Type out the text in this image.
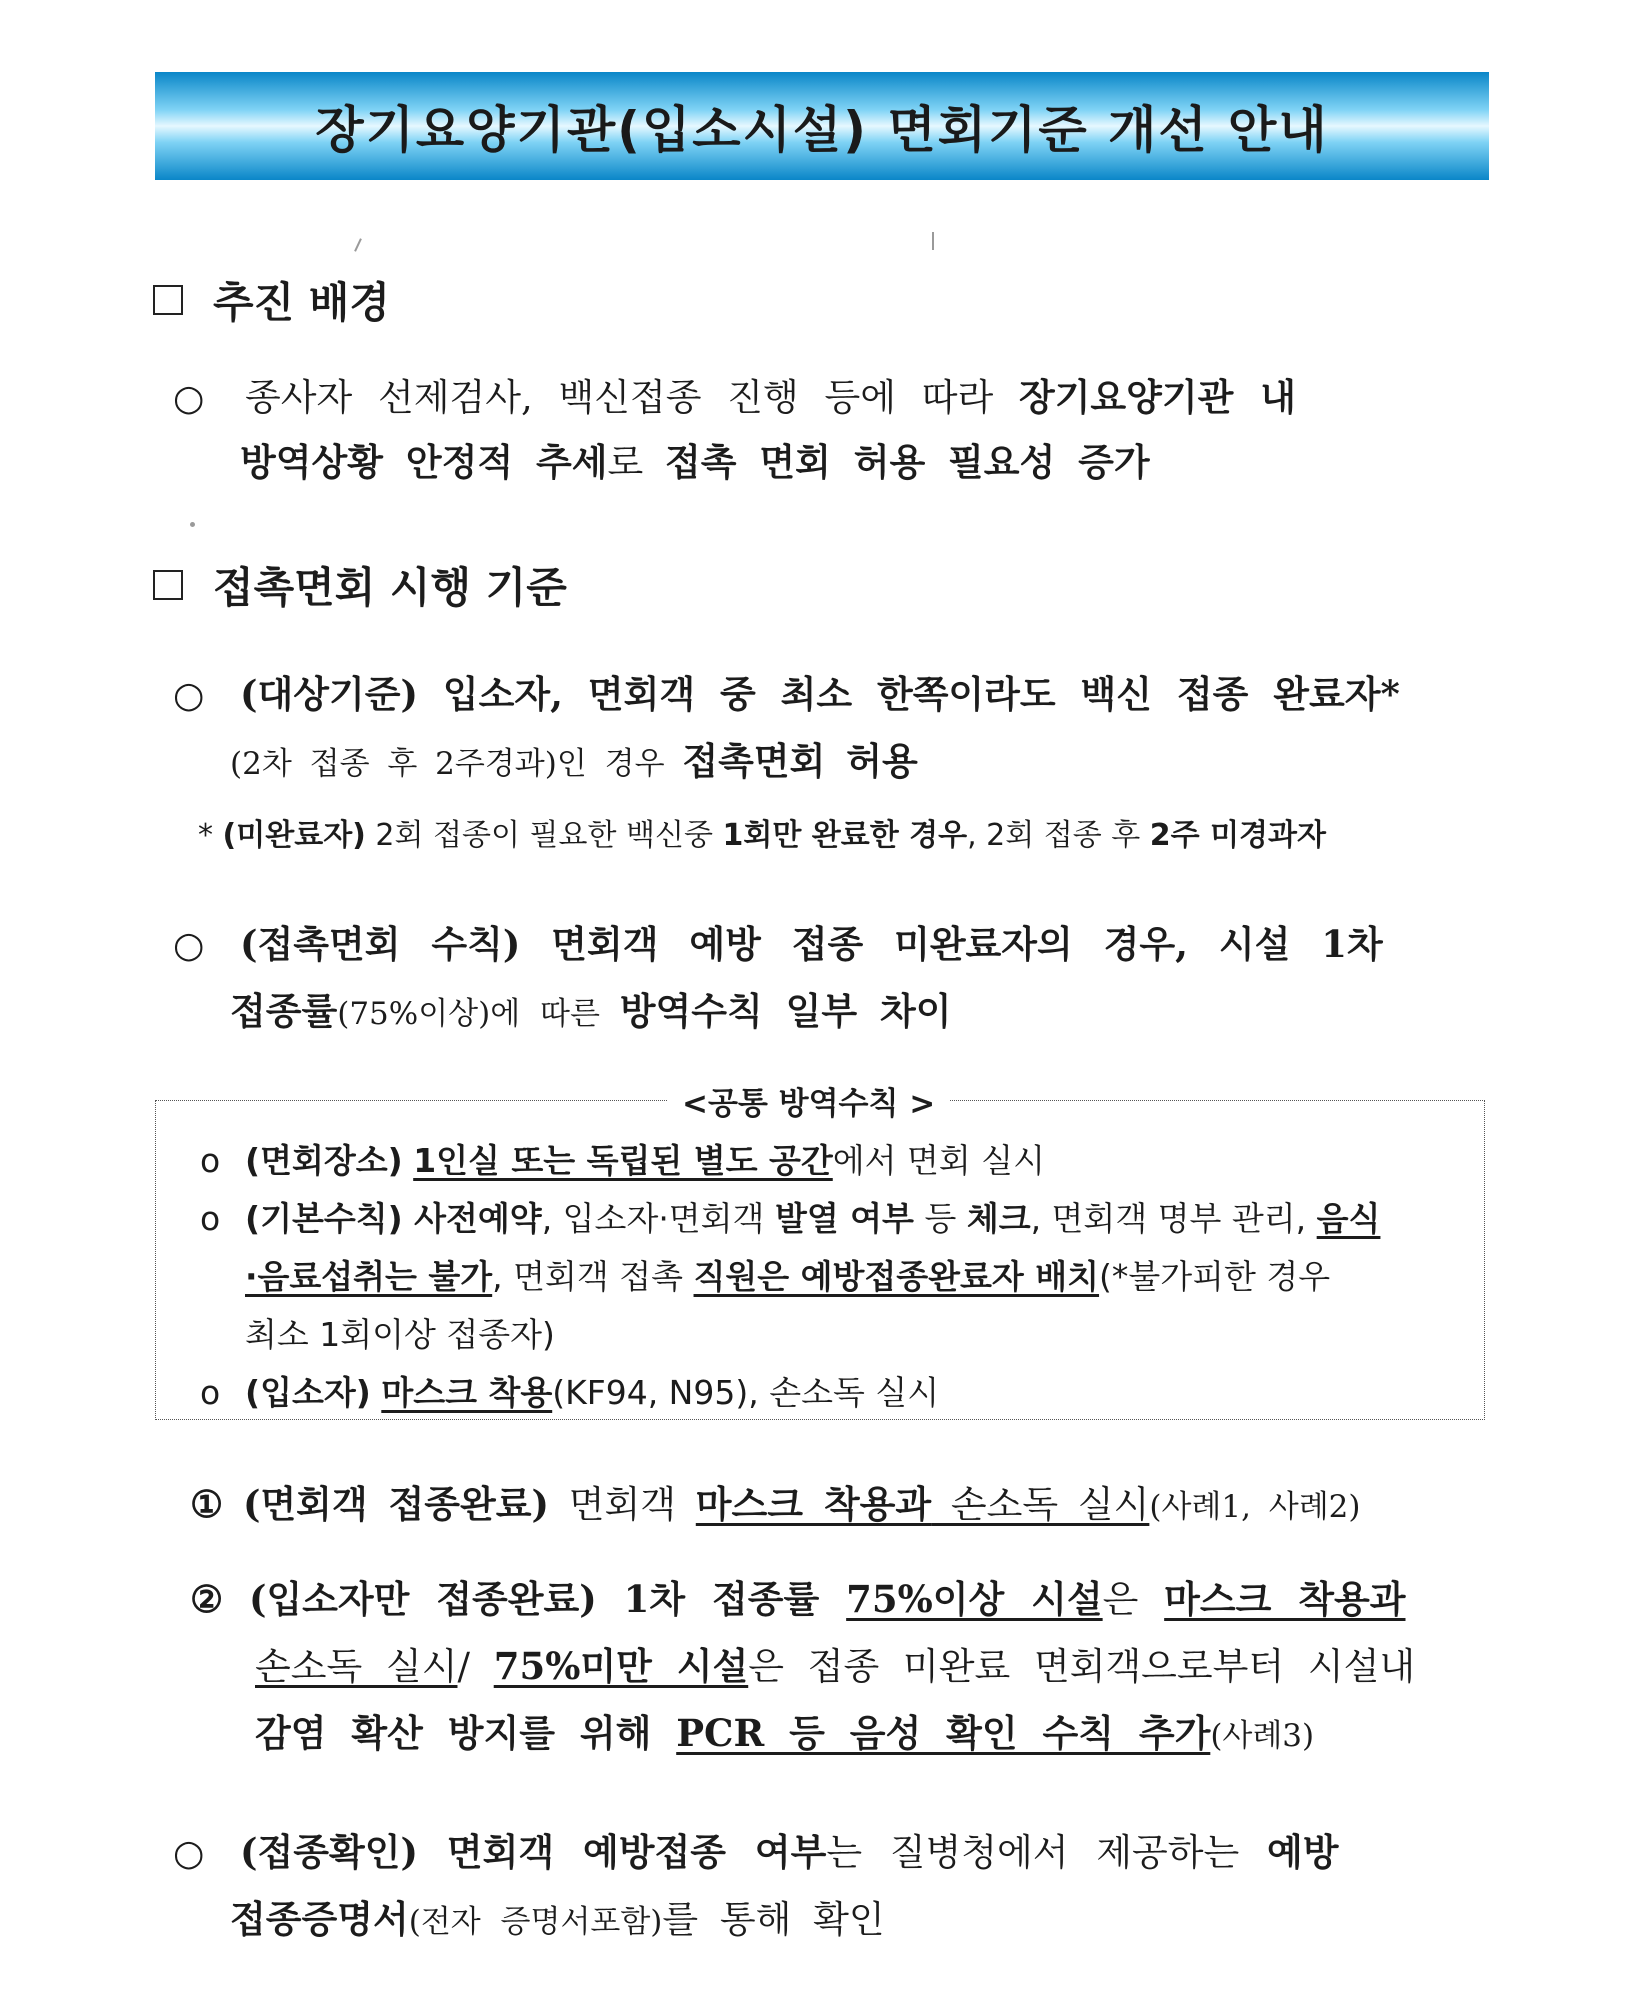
장기요양기관(입소시설) 면회기준 개선 안내
추진 배경
○ 종사자 선제검사, 백신접종 진행 등에 따라 장기요양기관 내
방역상황 안정적 추세로 접촉 면회 허용 필요성 증가
접촉면회 시행 기준
○ (대상기준) 입소자, 면회객 중 최소 한쪽이라도 백신 접종 완료자*
(2차 접종 후 2주경과)인 경우 접촉면회 허용
* (미완료자) 2회 접종이 필요한 백신중 1회만 완료한 경우, 2회 접종 후 2주 미경과자
○ (접촉면회 수칙) 면회객 예방 접종 미완료자의 경우, 시설 1차
접종률(75%이상)에 따른 방역수칙 일부 차이
<공통 방역수칙 >
o (면회장소) 1인실 또는 독립된 별도 공간에서 면회 실시
o (기본수칙) 사전예약, 입소자·면회객 발열 여부 등 체크, 면회객 명부 관리, 음식
·음료섭취는 불가, 면회객 접촉 직원은 예방접종완료자 배치(*불가피한 경우
최소 1회이상 접종자)
o (입소자) 마스크 착용(KF94, N95), 손소독 실시
① (면회객 접종완료) 면회객 마스크 착용과 손소독 실시(사례1, 사례2)
② (입소자만 접종완료) 1차 접종률 75%이상 시설은 마스크 착용과
손소독 실시/ 75%미만 시설은 접종 미완료 면회객으로부터 시설내
감염 확산 방지를 위해 PCR 등 음성 확인 수칙 추가(사례3)
○ (접종확인) 면회객 예방접종 여부는 질병청에서 제공하는 예방
접종증명서(전자 증명서포함)를 통해 확인
